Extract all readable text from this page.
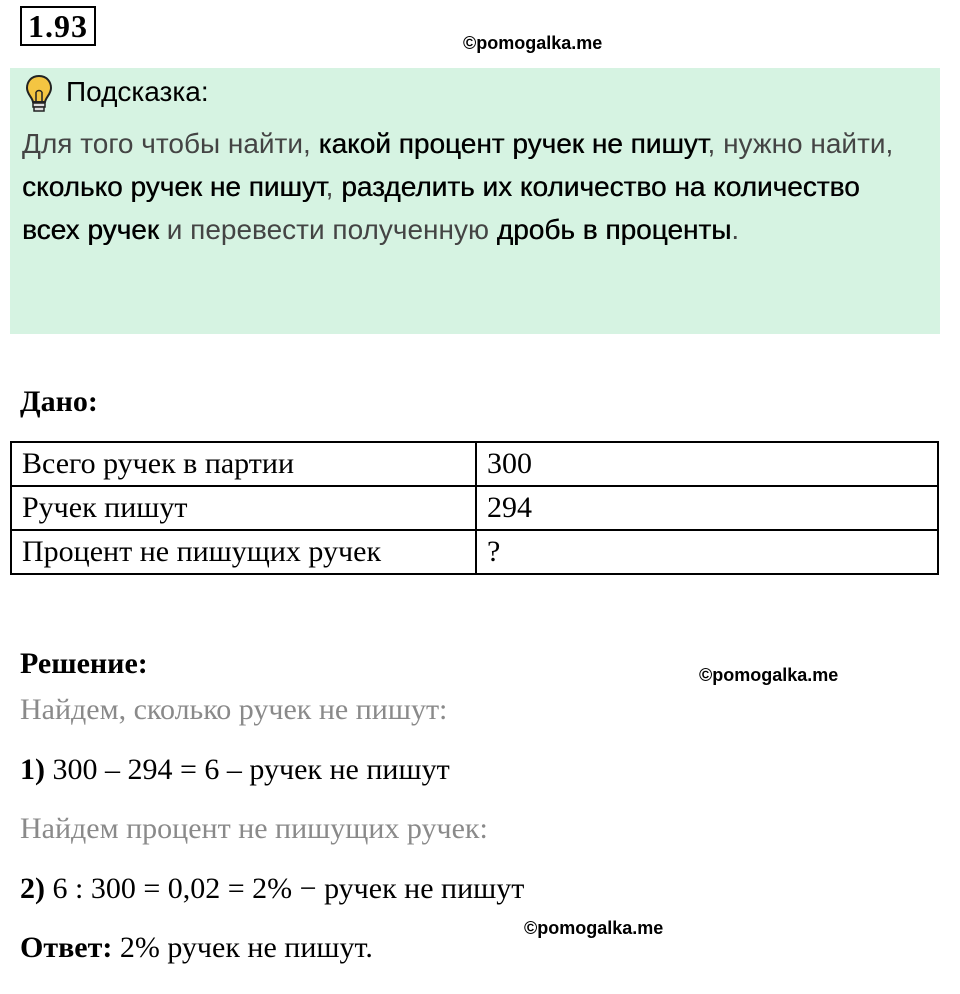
1.93	©pomogalka.me
Подсказка:
Для того чтобы найти, какой процент ручек не пишут, нужно найти, сколько ручек не пишут, разделить их количество на количество всех ручек и перевести полученную дробь в проценты.
Дано:
Всего ручек в партии	300
Ручек пишут	294
Процент не пишущих ручек	?
Решение:	©pomogalka.me
Найдем, сколько ручек не пишут:
1) 300 – 294 = 6 – ручек не пишут
Найдем процент не пишущих ручек:
2) 6 : 300 = 0,02 = 2% − ручек не пишут
©pomogalka.me
Ответ: 2% ручек не пишут.
